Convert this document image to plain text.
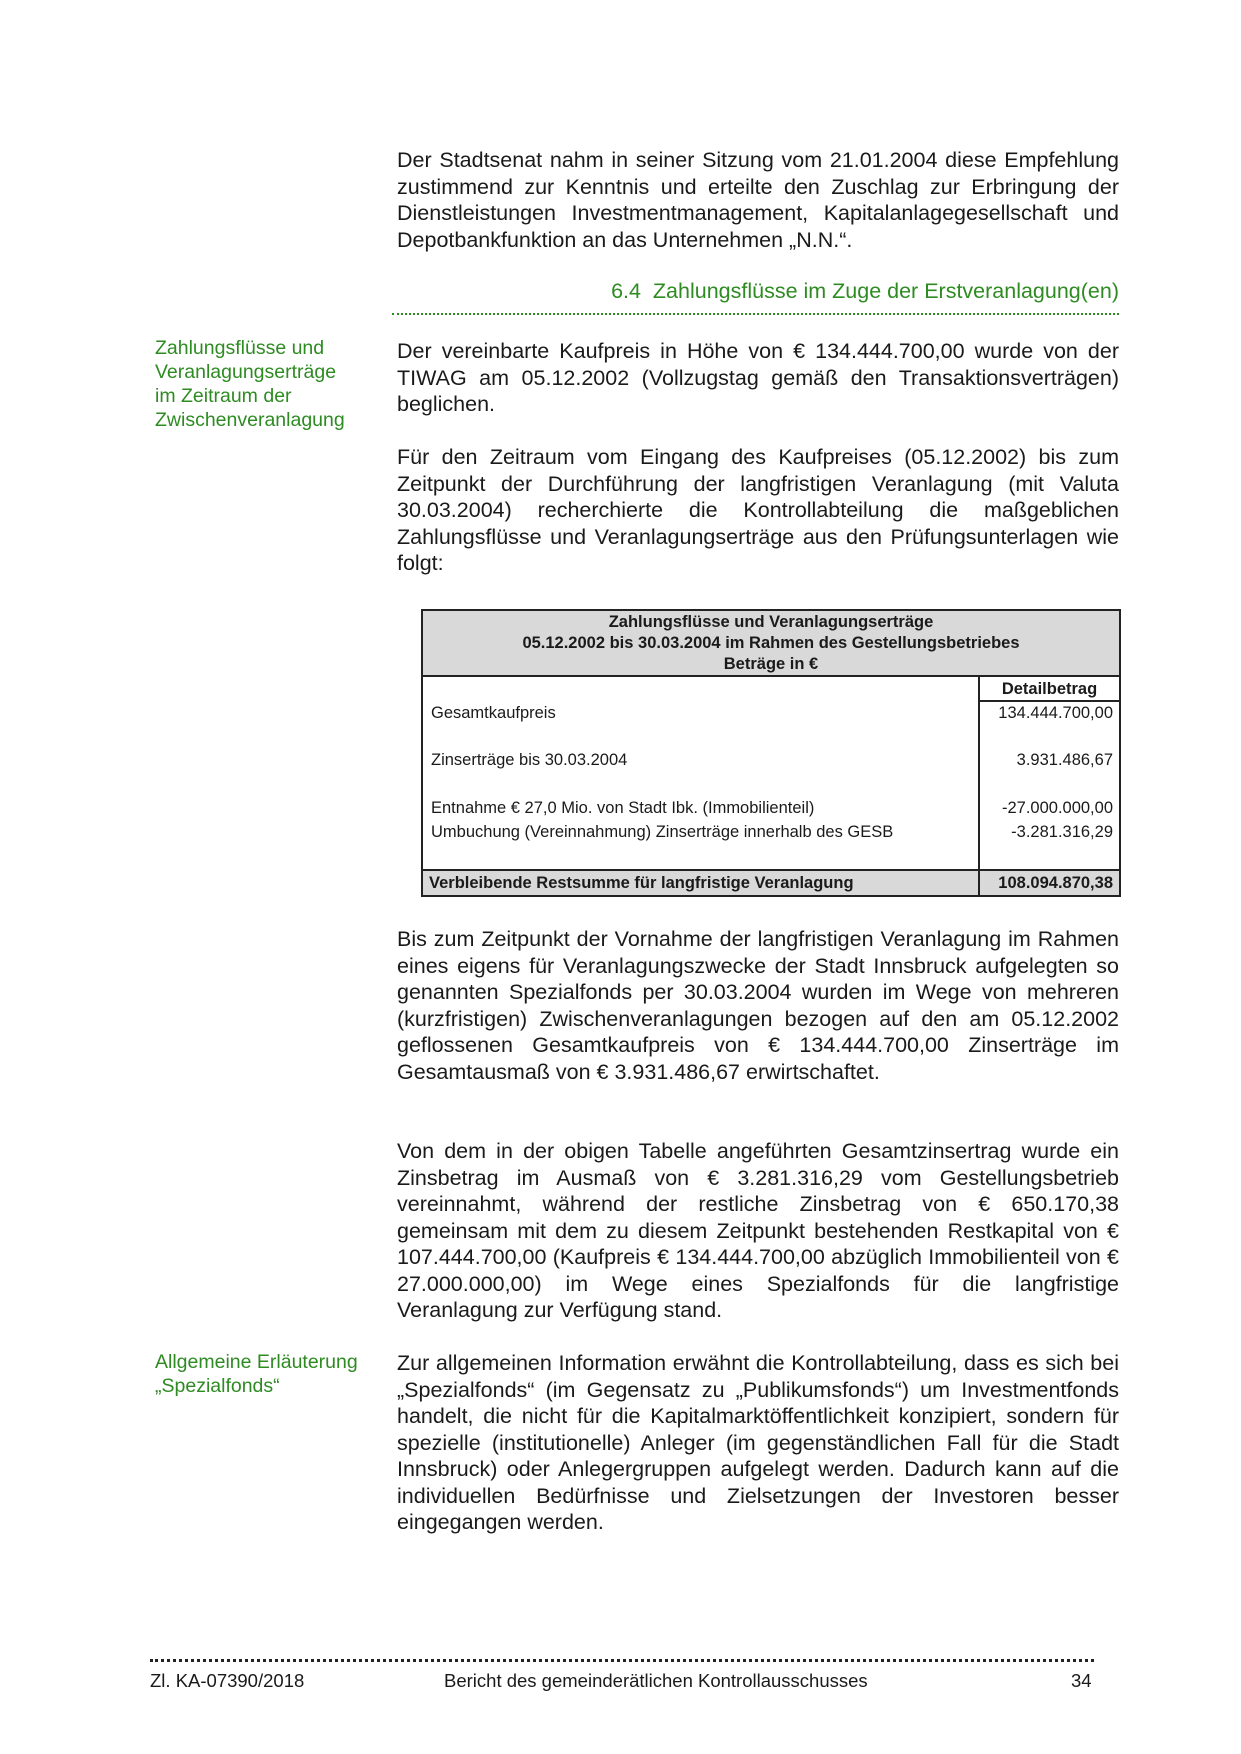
Der Stadtsenat nahm in seiner Sitzung vom 21.01.2004 diese Empfehlung zustimmend zur Kenntnis und erteilte den Zuschlag zur Erbringung der Dienstleistungen Investmentmanagement, Kapitalanlagegesellschaft und Depotbankfunktion an das Unternehmen „N.N.“.

6.4 Zahlungsflüsse im Zuge der Erstveranlagung(en)
Zahlungsflüsse und
Veranlagungserträge
im Zeitraum der
Zwischenveranlagung

Der vereinbarte Kaufpreis in Höhe von € 134.444.700,00 wurde von der TIWAG am 05.12.2002 (Vollzugstag gemäß den Transaktionsverträgen) beglichen.

Für den Zeitraum vom Eingang des Kaufpreises (05.12.2002) bis zum Zeitpunkt der Durchführung der langfristigen Veranlagung (mit Valuta 30.03.2004) recherchierte die Kontrollabteilung die maßgeblichen Zahlungsflüsse und Veranlagungserträge aus den Prüfungsunterlagen wie folgt:

Zahlungsflüsse und Veranlagungserträge
05.12.2002 bis 30.03.2004 im Rahmen des Gestellungsbetriebes
Beträge in €
Detailbetrag
Gesamtkaufpreis	134.444.700,00
Zinserträge bis 30.03.2004	3.931.486,67
Entnahme € 27,0 Mio. von Stadt Ibk. (Immobilienteil)	-27.000.000,00
Umbuchung (Vereinnahmung) Zinserträge innerhalb des GESB	-3.281.316,29
Verbleibende Restsumme für langfristige Veranlagung	108.094.870,38

Bis zum Zeitpunkt der Vornahme der langfristigen Veranlagung im Rahmen eines eigens für Veranlagungszwecke der Stadt Innsbruck aufgelegten so genannten Spezialfonds per 30.03.2004 wurden im Wege von mehreren (kurzfristigen) Zwischenveranlagungen bezogen auf den am 05.12.2002 geflossenen Gesamtkaufpreis von € 134.444.700,00 Zinserträge im Gesamtausmaß von € 3.931.486,67 erwirtschaftet.

Von dem in der obigen Tabelle angeführten Gesamtzinsertrag wurde ein Zinsbetrag im Ausmaß von € 3.281.316,29 vom Gestellungsbetrieb vereinnahmt, während der restliche Zinsbetrag von € 650.170,38 gemeinsam mit dem zu diesem Zeitpunkt bestehenden Restkapital von € 107.444.700,00 (Kaufpreis € 134.444.700,00 abzüglich Immobilienteil von € 27.000.000,00) im Wege eines Spezialfonds für die langfristige Veranlagung zur Verfügung stand.

Allgemeine Erläuterung
„Spezialfonds“

Zur allgemeinen Information erwähnt die Kontrollabteilung, dass es sich bei „Spezialfonds“ (im Gegensatz zu „Publikumsfonds“) um Investmentfonds handelt, die nicht für die Kapitalmarktöffentlichkeit konzipiert, sondern für spezielle (institutionelle) Anleger (im gegenständlichen Fall für die Stadt Innsbruck) oder Anlegergruppen aufgelegt werden. Dadurch kann auf die individuellen Bedürfnisse und Zielsetzungen der Investoren besser eingegangen werden.

Zl. KA-07390/2018	Bericht des gemeinderätlichen Kontrollausschusses	34
